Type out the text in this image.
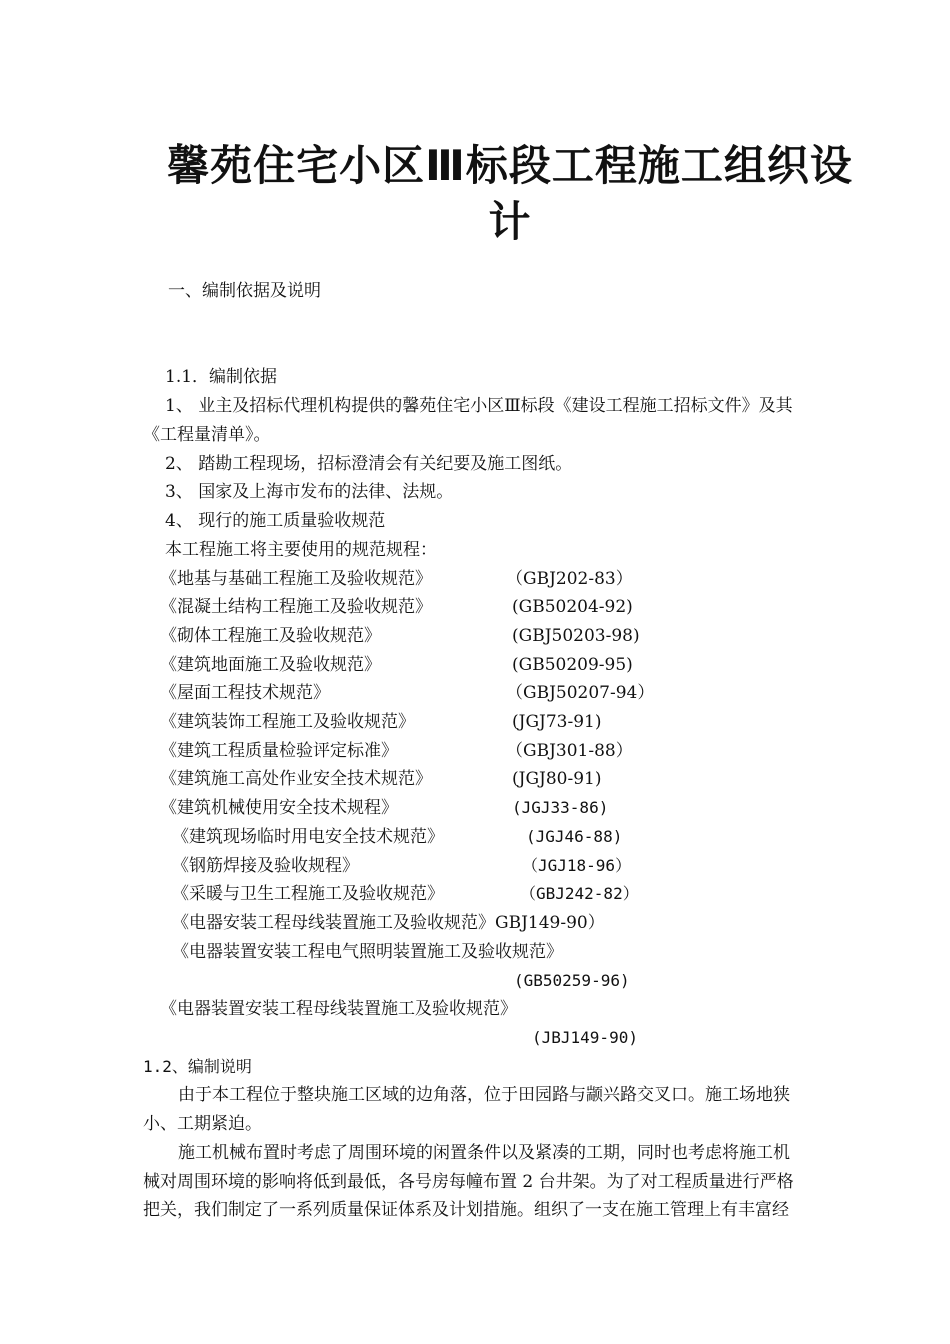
馨苑住宅小区Ⅲ标段工程施工组织设
计
一、编制依据及说明
1.1．编制依据
1、 业主及招标代理机构提供的馨苑住宅小区Ⅲ标段《建设工程施工招标文件》及其
《工程量清单》。
2、 踏勘工程现场，招标澄清会有关纪要及施工图纸。
3、 国家及上海市发布的法律、法规。
4、 现行的施工质量验收规范
本工程施工将主要使用的规范规程：
《地基与基础工程施工及验收规范》	（GBJ202-83）
《混凝土结构工程施工及验收规范》	(GB50204-92)
《砌体工程施工及验收规范》	(GBJ50203-98)
《建筑地面施工及验收规范》	(GB50209-95)
《屋面工程技术规范》	（GBJ50207-94）
《建筑装饰工程施工及验收规范》	(JGJ73-91)
《建筑工程质量检验评定标准》	（GBJ301-88）
《建筑施工高处作业安全技术规范》	(JGJ80-91)
《建筑机械使用安全技术规程》	(JGJ33-86)
《建筑现场临时用电安全技术规范》	(JGJ46-88)
《钢筋焊接及验收规程》	（JGJ18-96）
《采暖与卫生工程施工及验收规范》	（GBJ242-82）
《电器安装工程母线装置施工及验收规范》GBJ149-90）
《电器装置安装工程电气照明装置施工及验收规范》
(GB50259-96)
《电器装置安装工程母线装置施工及验收规范》
(JBJ149-90)
1.2、编制说明
由于本工程位于整块施工区域的边角落，位于田园路与颛兴路交叉口。施工场地狭
小、工期紧迫。
施工机械布置时考虑了周围环境的闲置条件以及紧凑的工期，同时也考虑将施工机
械对周围环境的影响将低到最低，各号房每幢布置 2 台井架。为了对工程质量进行严格
把关，我们制定了一系列质量保证体系及计划措施。组织了一支在施工管理上有丰富经
